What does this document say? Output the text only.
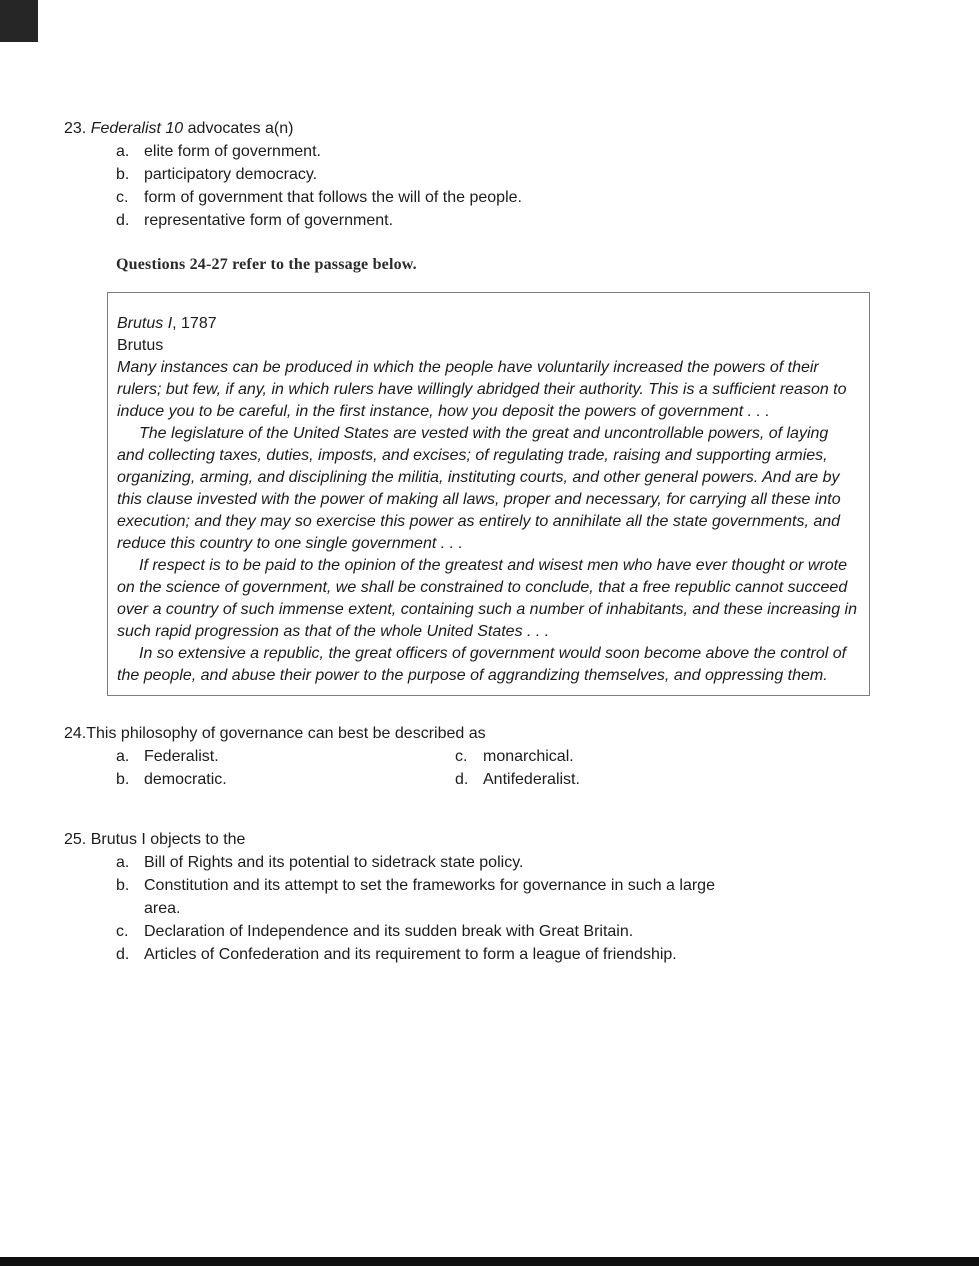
23. Federalist 10 advocates a(n)
a. elite form of government.
b. participatory democracy.
c. form of government that follows the will of the people.
d. representative form of government.
Questions 24-27 refer to the passage below.

Brutus I, 1787

Brutus

Many instances can be produced in which the people have voluntarily increased the powers of their rulers; but few, if any, in which rulers have willingly abridged their authority. This is a sufficient reason to induce you to be careful, in the first instance, how you deposit the powers of government . . .

The legislature of the United States are vested with the great and uncontrollable powers, of laying and collecting taxes, duties, imposts, and excises; of regulating trade, raising and supporting armies, organizing, arming, and disciplining the militia, instituting courts, and other general powers. And are by this clause invested with the power of making all laws, proper and necessary, for carrying all these into execution; and they may so exercise this power as entirely to annihilate all the state governments, and reduce this country to one single government . . .

If respect is to be paid to the opinion of the greatest and wisest men who have ever thought or wrote on the science of government, we shall be constrained to conclude, that a free republic cannot succeed over a country of such immense extent, containing such a number of inhabitants, and these increasing in such rapid progression as that of the whole United States . . .

In so extensive a republic, the great officers of government would soon become above the control of the people, and abuse their power to the purpose of aggrandizing themselves, and oppressing them.

24.This philosophy of governance can best be described as
a. Federalist.
b. democratic.
c. monarchical.
d. Antifederalist.
25. Brutus I objects to the
a. Bill of Rights and its potential to sidetrack state policy.
b. Constitution and its attempt to set the frameworks for governance in such a large area.
c. Declaration of Independence and its sudden break with Great Britain.
d. Articles of Confederation and its requirement to form a league of friendship.
